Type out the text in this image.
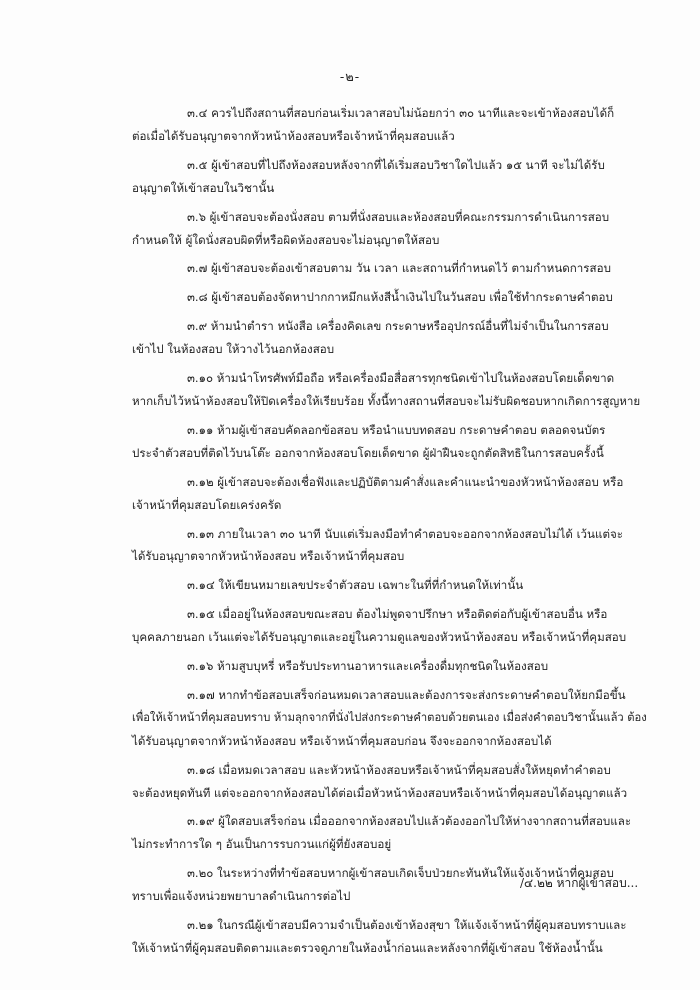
-๒-
๓.๔ ควรไปถึงสถานที่สอบก่อนเริ่มเวลาสอบไม่น้อยกว่า ๓๐ นาทีและจะเข้าห้องสอบได้ก็
ต่อเมื่อได้รับอนุญาตจากหัวหน้าห้องสอบหรือเจ้าหน้าที่คุมสอบแล้ว
๓.๕ ผู้เข้าสอบที่ไปถึงห้องสอบหลังจากที่ได้เริ่มสอบวิชาใดไปแล้ว ๑๕ นาที จะไม่ได้รับ
อนุญาตให้เข้าสอบในวิชานั้น
๓.๖ ผู้เข้าสอบจะต้องนั่งสอบ ตามที่นั่งสอบและห้องสอบที่คณะกรรมการดำเนินการสอบ
กำหนดให้ ผู้ใดนั่งสอบผิดที่หรือผิดห้องสอบจะไม่อนุญาตให้สอบ
๓.๗ ผู้เข้าสอบจะต้องเข้าสอบตาม วัน เวลา และสถานที่กำหนดไว้ ตามกำหนดการสอบ
๓.๘ ผู้เข้าสอบต้องจัดหาปากกาหมึกแห้งสีน้ำเงินไปในวันสอบ เพื่อใช้ทำกระดาษคำตอบ
๓.๙ ห้ามนำตำรา หนังสือ เครื่องคิดเลข กระดาษหรืออุปกรณ์อื่นที่ไม่จำเป็นในการสอบ
เข้าไป ในห้องสอบ ให้วางไว้นอกห้องสอบ
๓.๑๐ ห้ามนำโทรศัพท์มือถือ หรือเครื่องมือสื่อสารทุกชนิดเข้าไปในห้องสอบโดยเด็ดขาด
หากเก็บไว้หน้าห้องสอบให้ปิดเครื่องให้เรียบร้อย ทั้งนี้ทางสถานที่สอบจะไม่รับผิดชอบหากเกิดการสูญหาย
๓.๑๑ ห้ามผู้เข้าสอบคัดลอกข้อสอบ หรือนำแบบทดสอบ กระดาษคำตอบ ตลอดจนบัตร
ประจำตัวสอบที่ติดไว้บนโต๊ะ ออกจากห้องสอบโดยเด็ดขาด ผู้ฝ่าฝืนจะถูกตัดสิทธิในการสอบครั้งนี้
๓.๑๒ ผู้เข้าสอบจะต้องเชื่อฟังและปฏิบัติตามคำสั่งและคำแนะนำของหัวหน้าห้องสอบ หรือ
เจ้าหน้าที่คุมสอบโดยเคร่งครัด
๓.๑๓ ภายในเวลา ๓๐ นาที นับแต่เริ่มลงมือทำคำตอบจะออกจากห้องสอบไม่ได้ เว้นแต่จะ
ได้รับอนุญาตจากหัวหน้าห้องสอบ หรือเจ้าหน้าที่คุมสอบ
๓.๑๔ ให้เขียนหมายเลขประจำตัวสอบ เฉพาะในที่ที่กำหนดให้เท่านั้น
๓.๑๕ เมื่ออยู่ในห้องสอบขณะสอบ ต้องไม่พูดจาปรึกษา หรือติดต่อกับผู้เข้าสอบอื่น หรือ
บุคคลภายนอก เว้นแต่จะได้รับอนุญาตและอยู่ในความดูแลของหัวหน้าห้องสอบ หรือเจ้าหน้าที่คุมสอบ
๓.๑๖ ห้ามสูบบุหรี่ หรือรับประทานอาหารและเครื่องดื่มทุกชนิดในห้องสอบ
๓.๑๗ หากทำข้อสอบเสร็จก่อนหมดเวลาสอบและต้องการจะส่งกระดาษคำตอบให้ยกมือขึ้น
เพื่อให้เจ้าหน้าที่คุมสอบทราบ ห้ามลุกจากที่นั่งไปส่งกระดาษคำตอบด้วยตนเอง เมื่อส่งคำตอบวิชานั้นแล้ว ต้อง
ได้รับอนุญาตจากหัวหน้าห้องสอบ หรือเจ้าหน้าที่คุมสอบก่อน จึงจะออกจากห้องสอบได้
๓.๑๘ เมื่อหมดเวลาสอบ และหัวหน้าห้องสอบหรือเจ้าหน้าที่คุมสอบสั่งให้หยุดทำคำตอบ
จะต้องหยุดทันที แต่จะออกจากห้องสอบได้ต่อเมื่อหัวหน้าห้องสอบหรือเจ้าหน้าที่คุมสอบได้อนุญาตแล้ว
๓.๑๙ ผู้ใดสอบเสร็จก่อน เมื่อออกจากห้องสอบไปแล้วต้องออกไปให้ห่างจากสถานที่สอบและ
ไม่กระทำการใด ๆ อันเป็นการรบกวนแก่ผู้ที่ยังสอบอยู่
๓.๒๐ ในระหว่างที่ทำข้อสอบหากผู้เข้าสอบเกิดเจ็บป่วยกะทันหันให้แจ้งเจ้าหน้าที่คุมสอบ
ทราบเพื่อแจ้งหน่วยพยาบาลดำเนินการต่อไป
๓.๒๑ ในกรณีผู้เข้าสอบมีความจำเป็นต้องเข้าห้องสุขา ให้แจ้งเจ้าหน้าที่ผู้คุมสอบทราบและ
ให้เจ้าหน้าที่ผู้คุมสอบติดตามและตรวจดูภายในห้องน้ำก่อนและหลังจากที่ผู้เข้าสอบ ใช้ห้องน้ำนั้น
/๔.๒๒ หากผู้เข้าสอบ...
